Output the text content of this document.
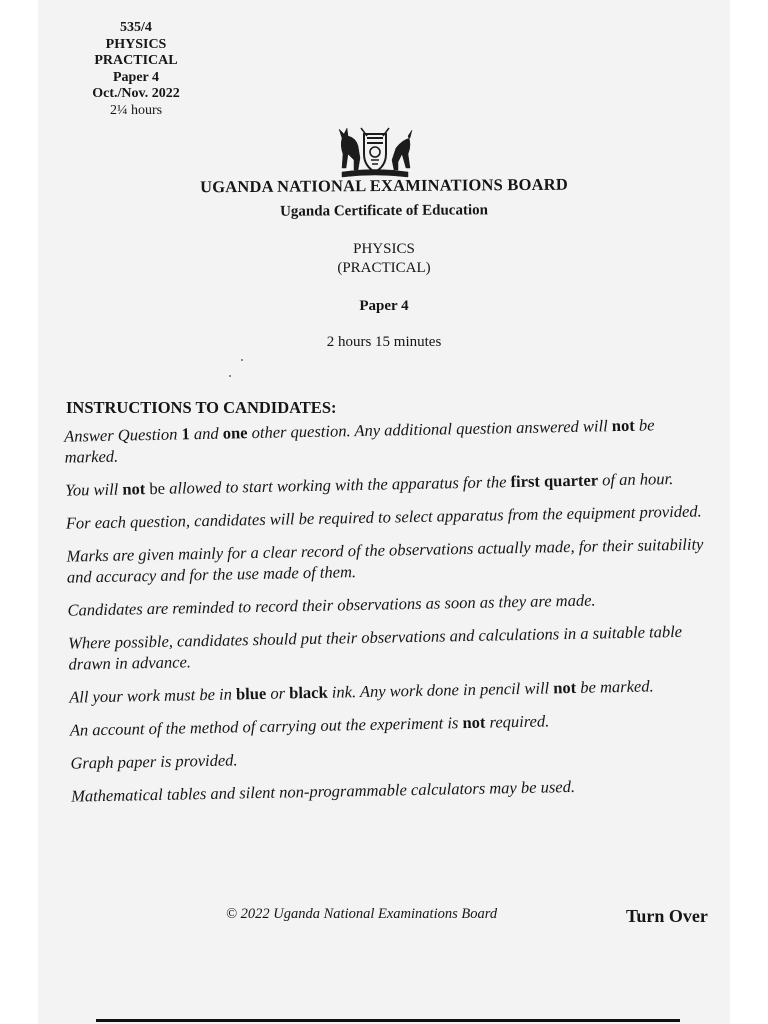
535/4
PHYSICS
PRACTICAL
Paper 4
Oct./Nov. 2022
2¼ hours
UGANDA NATIONAL EXAMINATIONS BOARD
Uganda Certificate of Education
PHYSICS
(PRACTICAL)
Paper 4
2 hours 15 minutes
INSTRUCTIONS TO CANDIDATES:
Answer Question 1 and one other question. Any additional question answered will not be marked.
You will not be allowed to start working with the apparatus for the first quarter of an hour.
For each question, candidates will be required to select apparatus from the equipment provided.
Marks are given mainly for a clear record of the observations actually made, for their suitability and accuracy and for the use made of them.
Candidates are reminded to record their observations as soon as they are made.
Where possible, candidates should put their observations and calculations in a suitable table drawn in advance.
All your work must be in blue or black ink. Any work done in pencil will not be marked.
An account of the method of carrying out the experiment is not required.
Graph paper is provided.
Mathematical tables and silent non-programmable calculators may be used.
© 2022 Uganda National Examinations Board	Turn Over
